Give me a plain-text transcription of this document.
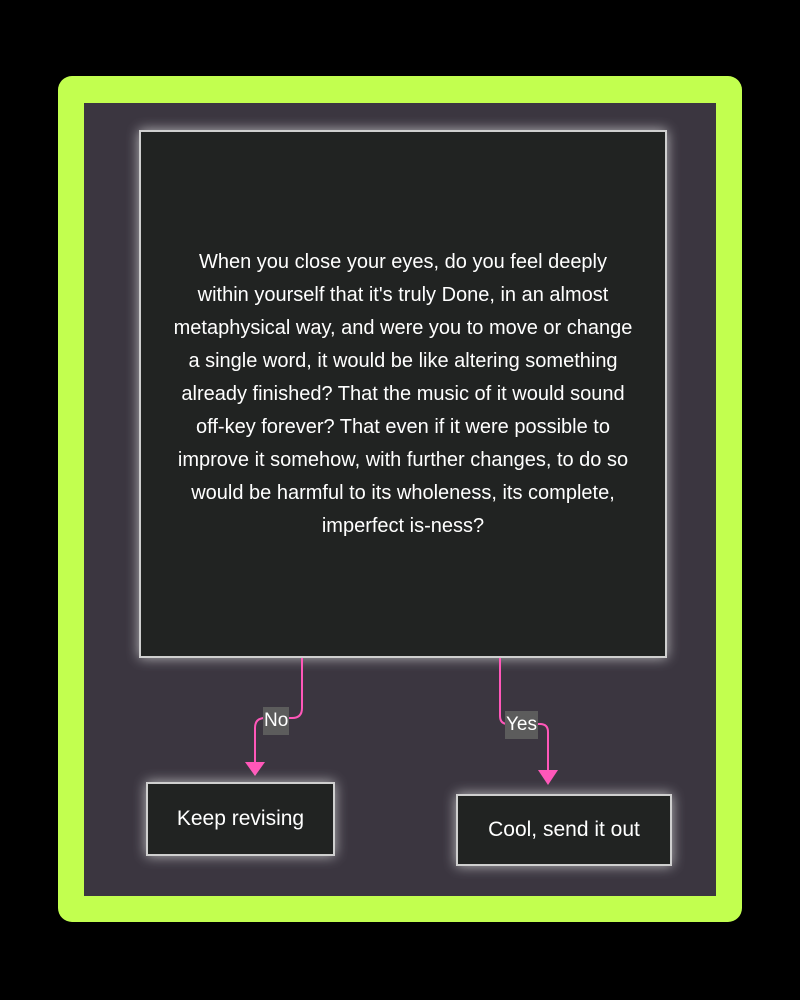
When you close your eyes, do you feel deeply within yourself that it's truly Done, in an almost metaphysical way, and were you to move or change a single word, it would be like altering something already finished? That the music of it would sound off-key forever? That even if it were possible to improve it somehow, with further changes, to do so would be harmful to its wholeness, its complete, imperfect is-ness?
No	Yes
Keep revising	Cool, send it out
